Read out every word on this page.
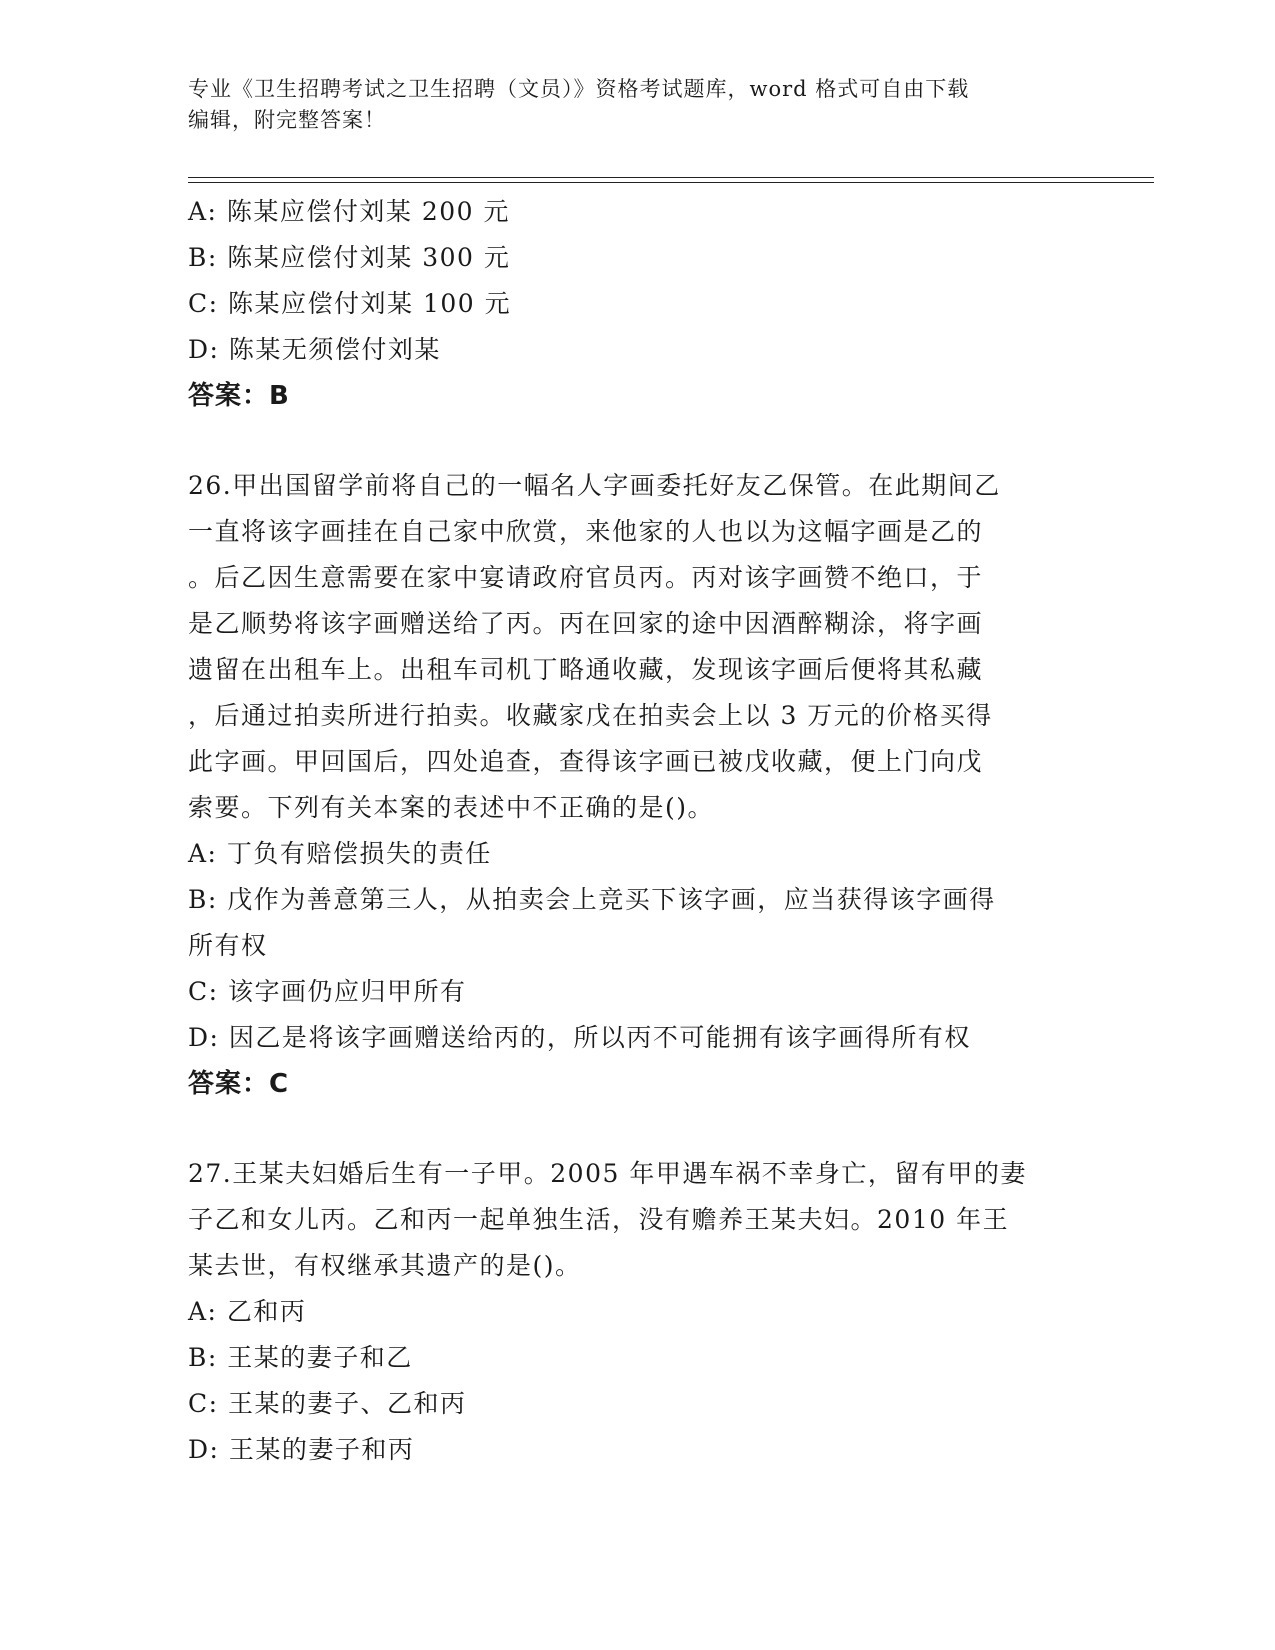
专业《卫生招聘考试之卫生招聘（文员）》资格考试题库，word 格式可自由下载
编辑，附完整答案！
A: 陈某应偿付刘某 200 元
B: 陈某应偿付刘某 300 元
C: 陈某应偿付刘某 100 元
D: 陈某无须偿付刘某
答案：B
26.甲出国留学前将自己的一幅名人字画委托好友乙保管。在此期间乙
一直将该字画挂在自己家中欣赏，来他家的人也以为这幅字画是乙的
。后乙因生意需要在家中宴请政府官员丙。丙对该字画赞不绝口，于
是乙顺势将该字画赠送给了丙。丙在回家的途中因酒醉糊涂，将字画
遗留在出租车上。出租车司机丁略通收藏，发现该字画后便将其私藏
，后通过拍卖所进行拍卖。收藏家戊在拍卖会上以 3 万元的价格买得
此字画。甲回国后，四处追查，查得该字画已被戊收藏，便上门向戊
索要。下列有关本案的表述中不正确的是()。
A: 丁负有赔偿损失的责任
B: 戊作为善意第三人，从拍卖会上竞买下该字画，应当获得该字画得
所有权
C: 该字画仍应归甲所有
D: 因乙是将该字画赠送给丙的，所以丙不可能拥有该字画得所有权
答案：C
27.王某夫妇婚后生有一子甲。2005 年甲遇车祸不幸身亡，留有甲的妻
子乙和女儿丙。乙和丙一起单独生活，没有赡养王某夫妇。2010 年王
某去世，有权继承其遗产的是()。
A: 乙和丙
B: 王某的妻子和乙
C: 王某的妻子、乙和丙
D: 王某的妻子和丙
